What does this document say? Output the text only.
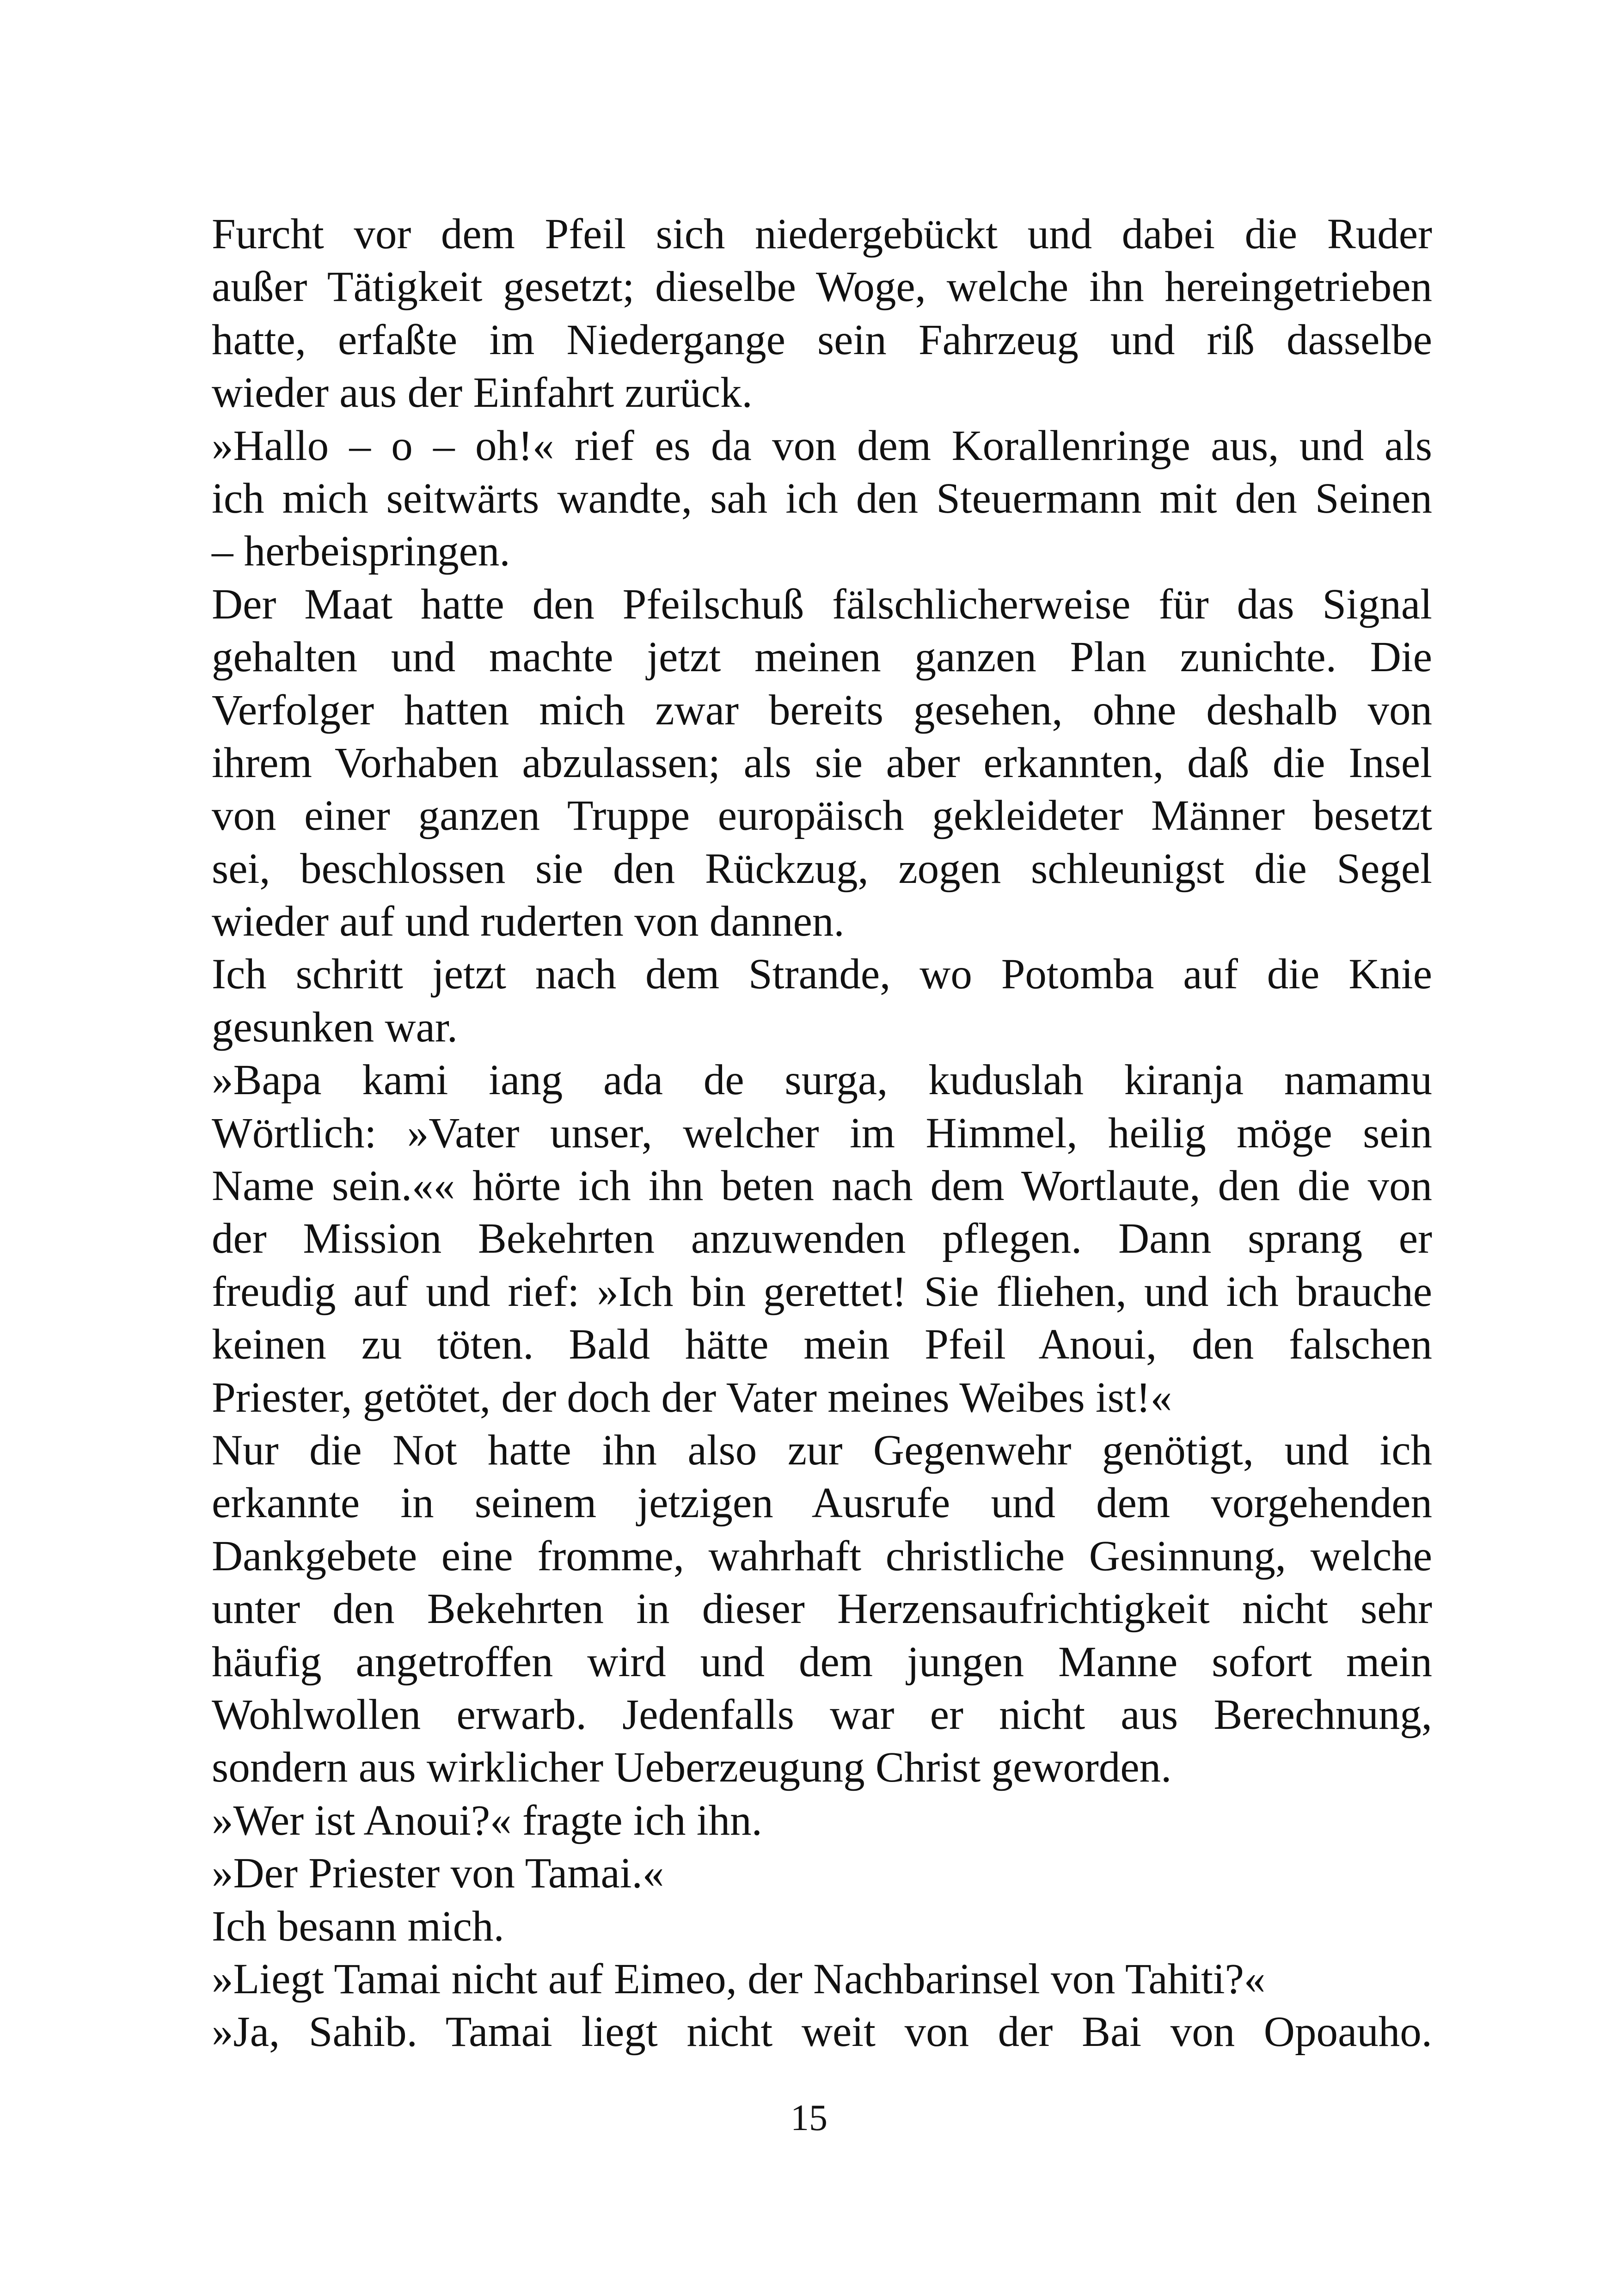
Furcht vor dem Pfeil sich niedergebückt und dabei die Ruder
außer Tätigkeit gesetzt; dieselbe Woge, welche ihn hereingetrieben
hatte, erfaßte im Niedergange sein Fahrzeug und riß dasselbe
wieder aus der Einfahrt zurück.
»Hallo – o – oh!« rief es da von dem Korallenringe aus, und als
ich mich seitwärts wandte, sah ich den Steuermann mit den Seinen
– herbeispringen.
Der Maat hatte den Pfeilschuß fälschlicherweise für das Signal
gehalten und machte jetzt meinen ganzen Plan zunichte. Die
Verfolger hatten mich zwar bereits gesehen, ohne deshalb von
ihrem Vorhaben abzulassen; als sie aber erkannten, daß die Insel
von einer ganzen Truppe europäisch gekleideter Männer besetzt
sei, beschlossen sie den Rückzug, zogen schleunigst die Segel
wieder auf und ruderten von dannen.
Ich schritt jetzt nach dem Strande, wo Potomba auf die Knie
gesunken war.
»Bapa kami iang ada de surga, kuduslah kiranja namamu
Wörtlich: »Vater unser, welcher im Himmel, heilig möge sein
Name sein.«« hörte ich ihn beten nach dem Wortlaute, den die von
der Mission Bekehrten anzuwenden pflegen. Dann sprang er
freudig auf und rief: »Ich bin gerettet! Sie fliehen, und ich brauche
keinen zu töten. Bald hätte mein Pfeil Anoui, den falschen
Priester, getötet, der doch der Vater meines Weibes ist!«
Nur die Not hatte ihn also zur Gegenwehr genötigt, und ich
erkannte in seinem jetzigen Ausrufe und dem vorgehenden
Dankgebete eine fromme, wahrhaft christliche Gesinnung, welche
unter den Bekehrten in dieser Herzensaufrichtigkeit nicht sehr
häufig angetroffen wird und dem jungen Manne sofort mein
Wohlwollen erwarb. Jedenfalls war er nicht aus Berechnung,
sondern aus wirklicher Ueberzeugung Christ geworden.
»Wer ist Anoui?« fragte ich ihn.
»Der Priester von Tamai.«
Ich besann mich.
»Liegt Tamai nicht auf Eimeo, der Nachbarinsel von Tahiti?«
»Ja, Sahib. Tamai liegt nicht weit von der Bai von Opoauho.
15
